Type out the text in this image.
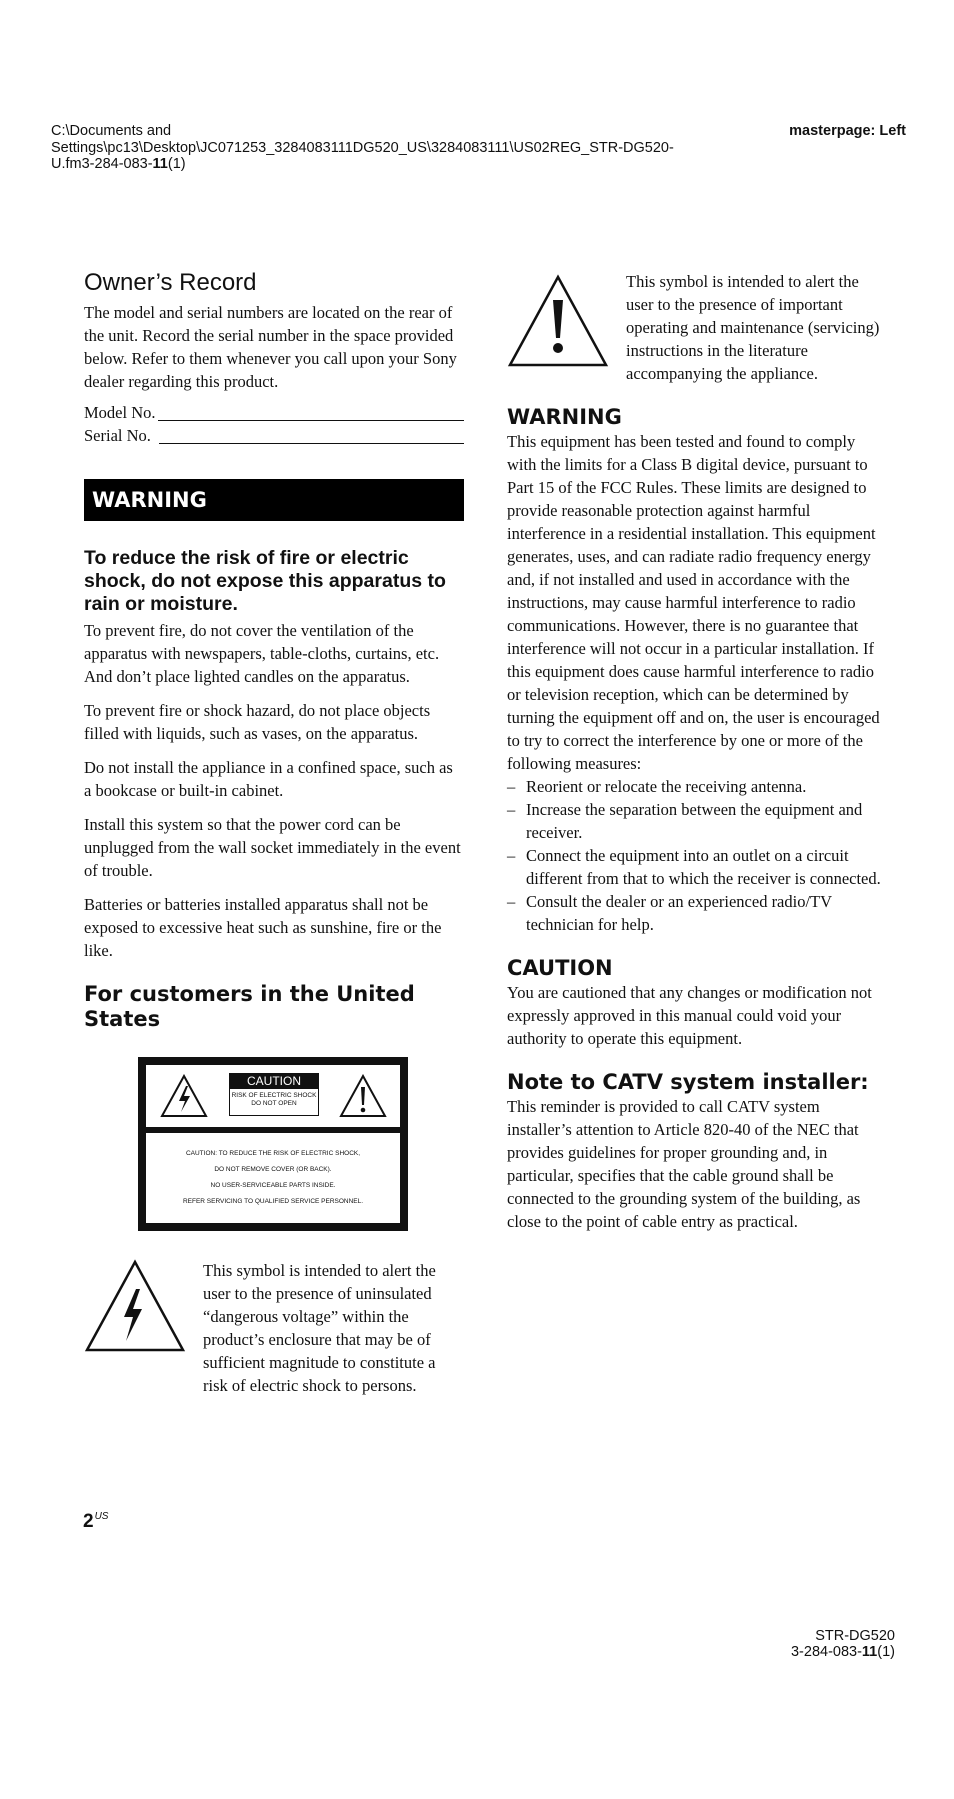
C:\Documents and
Settings\pc13\Desktop\JC071253_3284083111DG520_US\3284083111\US02REG_STR-DG520-
U.fm3-284-083-11(1)
masterpage: Left
Owner’s Record

The model and serial numbers are located on the rear of the unit. Record the serial number in the space provided below. Refer to them whenever you call upon your Sony dealer regarding this product.

Model No.
Serial No.
WARNING
To reduce the risk of fire or electric shock, do not expose this apparatus to rain or moisture.

To prevent fire, do not cover the ventilation of the apparatus with newspapers, table-cloths, curtains, etc. And don’t place lighted candles on the apparatus.

To prevent fire or shock hazard, do not place objects filled with liquids, such as vases, on the apparatus.

Do not install the appliance in a confined space, such as a bookcase or built-in cabinet.

Install this system so that the power cord can be unplugged from the wall socket immediately in the event of trouble.

Batteries or batteries installed apparatus shall not be exposed to excessive heat such as sunshine, fire or the like.

For customers in the United States
CAUTION
RISK OF ELECTRIC SHOCK
DO NOT OPEN
CAUTION: TO REDUCE THE RISK OF ELECTRIC SHOCK,
DO NOT REMOVE COVER (OR BACK).
NO USER-SERVICEABLE PARTS INSIDE.
REFER SERVICING TO QUALIFIED SERVICE PERSONNEL.

This symbol is intended to alert the user to the presence of uninsulated “dangerous voltage” within the product’s enclosure that may be of sufficient magnitude to constitute a risk of electric shock to persons.

This symbol is intended to alert the user to the presence of important operating and maintenance (servicing) instructions in the literature accompanying the appliance.

WARNING

This equipment has been tested and found to comply with the limits for a Class B digital device, pursuant to Part 15 of the FCC Rules. These limits are designed to provide reasonable protection against harmful interference in a residential installation. This equipment generates, uses, and can radiate radio frequency energy and, if not installed and used in accordance with the instructions, may cause harmful interference to radio communications. However, there is no guarantee that interference will not occur in a particular installation. If this equipment does cause harmful interference to radio or television reception, which can be determined by turning the equipment off and on, the user is encouraged to try to correct the interference by one or more of the following measures:

– Reorient or relocate the receiving antenna.
– Increase the separation between the equipment and receiver.
– Connect the equipment into an outlet on a circuit different from that to which the receiver is connected.
– Consult the dealer or an experienced radio/TV technician for help.
CAUTION

You are cautioned that any changes or modification not expressly approved in this manual could void your authority to operate this equipment.

Note to CATV system installer:

This reminder is provided to call CATV system installer’s attention to Article 820-40 of the NEC that provides guidelines for proper grounding and, in particular, specifies that the cable ground shall be connected to the grounding system of the building, as close to the point of cable entry as practical.

$2^{US}$
STR-DG520
3-284-083-11(1)
